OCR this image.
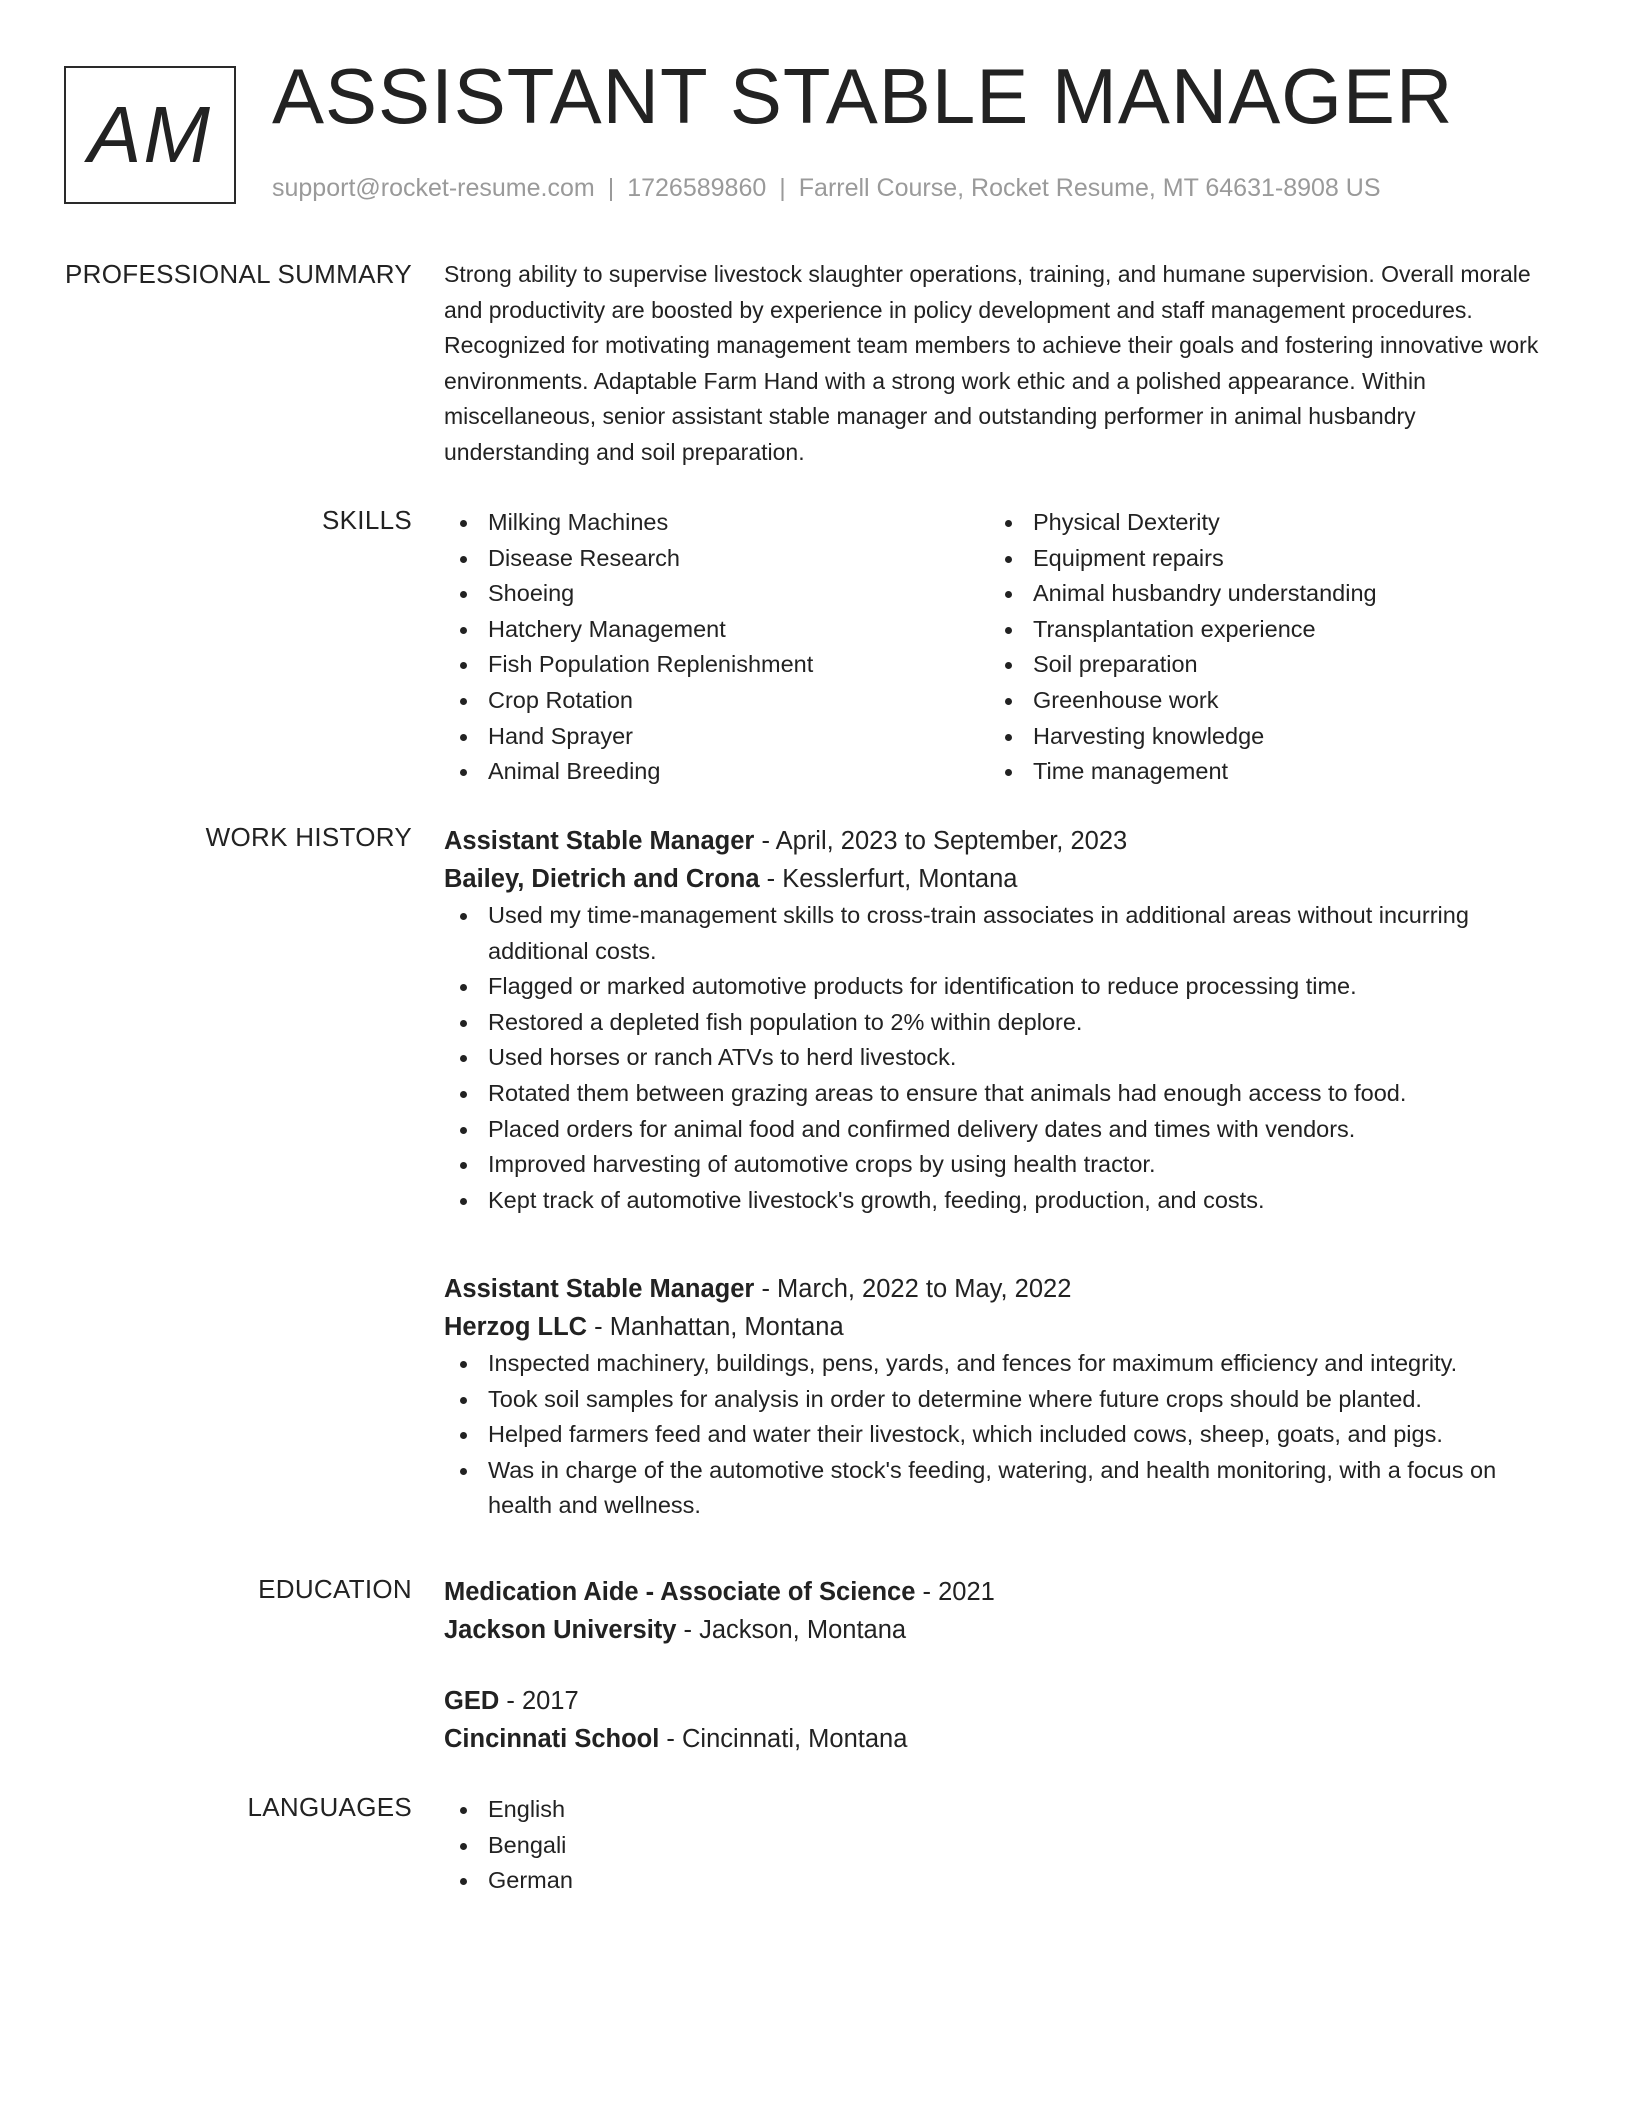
AM ASSISTANT STABLE MANAGER
support@rocket-resume.com | 1726589860 | Farrell Course, Rocket Resume, MT 64631-8908 US
PROFESSIONAL SUMMARY Strong ability to supervise livestock slaughter operations, training, and humane supervision. Overall morale and productivity are boosted by experience in policy development and staff management procedures. Recognized for motivating management team members to achieve their goals and fostering innovative work environments. Adaptable Farm Hand with a strong work ethic and a polished appearance. Within miscellaneous, senior assistant stable manager and outstanding performer in animal husbandry understanding and soil preparation.

SKILLS	Milking Machines
Disease Research
Shoeing
Hatchery Management
Fish Population Replenishment
Crop Rotation
Hand Sprayer
Animal Breeding
Physical Dexterity
Equipment repairs
Animal husbandry understanding
Transplantation experience
Soil preparation
Greenhouse work
Harvesting knowledge
Time management
WORK HISTORY Assistant Stable Manager - April, 2023 to September, 2023
Bailey, Dietrich and Crona - Kesslerfurt, Montana
Used my time-management skills to cross-train associates in additional areas without incurring additional costs.
Flagged or marked automotive products for identification to reduce processing time.
Restored a depleted fish population to 2% within deplore.
Used horses or ranch ATVs to herd livestock.
Rotated them between grazing areas to ensure that animals had enough access to food.
Placed orders for animal food and confirmed delivery dates and times with vendors.
Improved harvesting of automotive crops by using health tractor.
Kept track of automotive livestock's growth, feeding, production, and costs.
Assistant Stable Manager - March, 2022 to May, 2022
Herzog LLC - Manhattan, Montana
Inspected machinery, buildings, pens, yards, and fences for maximum efficiency and integrity.
Took soil samples for analysis in order to determine where future crops should be planted.
Helped farmers feed and water their livestock, which included cows, sheep, goats, and pigs.
Was in charge of the automotive stock's feeding, watering, and health monitoring, with a focus on health and wellness.
EDUCATION Medication Aide - Associate of Science - 2021
Jackson University - Jackson, Montana
GED - 2017
Cincinnati School - Cincinnati, Montana
LANGUAGES	English
Bengali
German
